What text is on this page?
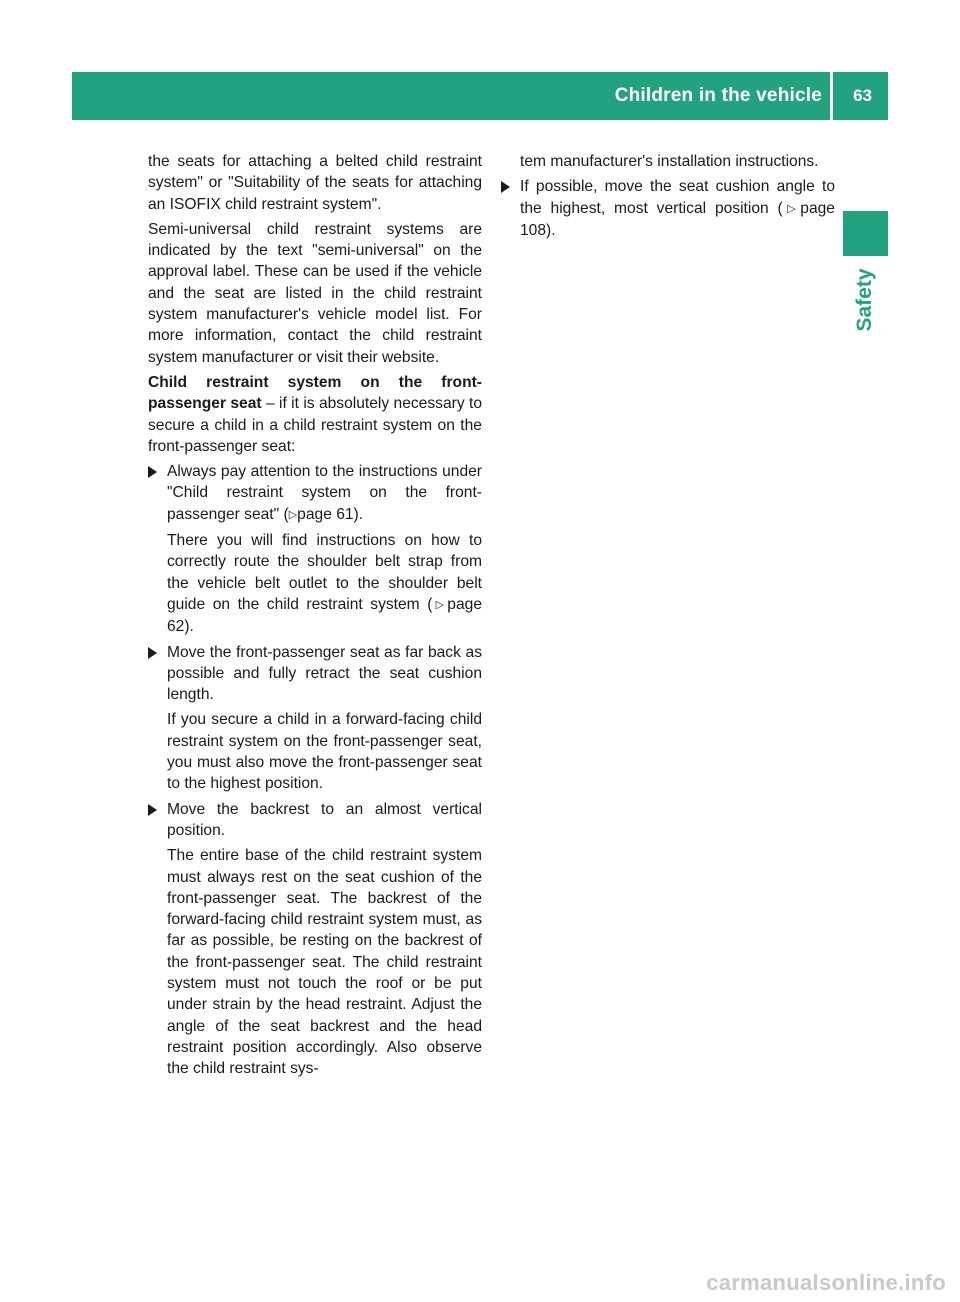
Children in the vehicle 63
Safety

the seats for attaching a belted child restraint system" or "Suitability of the seats for attaching an ISOFIX child restraint system".

Semi-universal child restraint systems are indicated by the text "semi-universal" on the approval label. These can be used if the vehicle and the seat are listed in the child restraint system manufacturer's vehicle model list. For more information, contact the child restraint system manufacturer or visit their website.

Child restraint system on the front-passenger seat – if it is absolutely necessary to secure a child in a child restraint system on the front-passenger seat:

Always pay attention to the instructions under "Child restraint system on the front-passenger seat" (▷page 61).

There you will find instructions on how to correctly route the shoulder belt strap from the vehicle belt outlet to the shoulder belt guide on the child restraint system (▷page 62).

Move the front-passenger seat as far back as possible and fully retract the seat cushion length.

If you secure a child in a forward-facing child restraint system on the front-passenger seat, you must also move the front-passenger seat to the highest position.

Move the backrest to an almost vertical position.

The entire base of the child restraint system must always rest on the seat cushion of the front-passenger seat. The backrest of the forward-facing child restraint system must, as far as possible, be resting on the backrest of the front-passenger seat. The child restraint system must not touch the roof or be put under strain by the head restraint. Adjust the angle of the seat backrest and the head restraint position accordingly. Also observe the child restraint sys-

tem manufacturer's installation instructions.

If possible, move the seat cushion angle to the highest, most vertical position (▷page 108).

carmanualsonline.info
